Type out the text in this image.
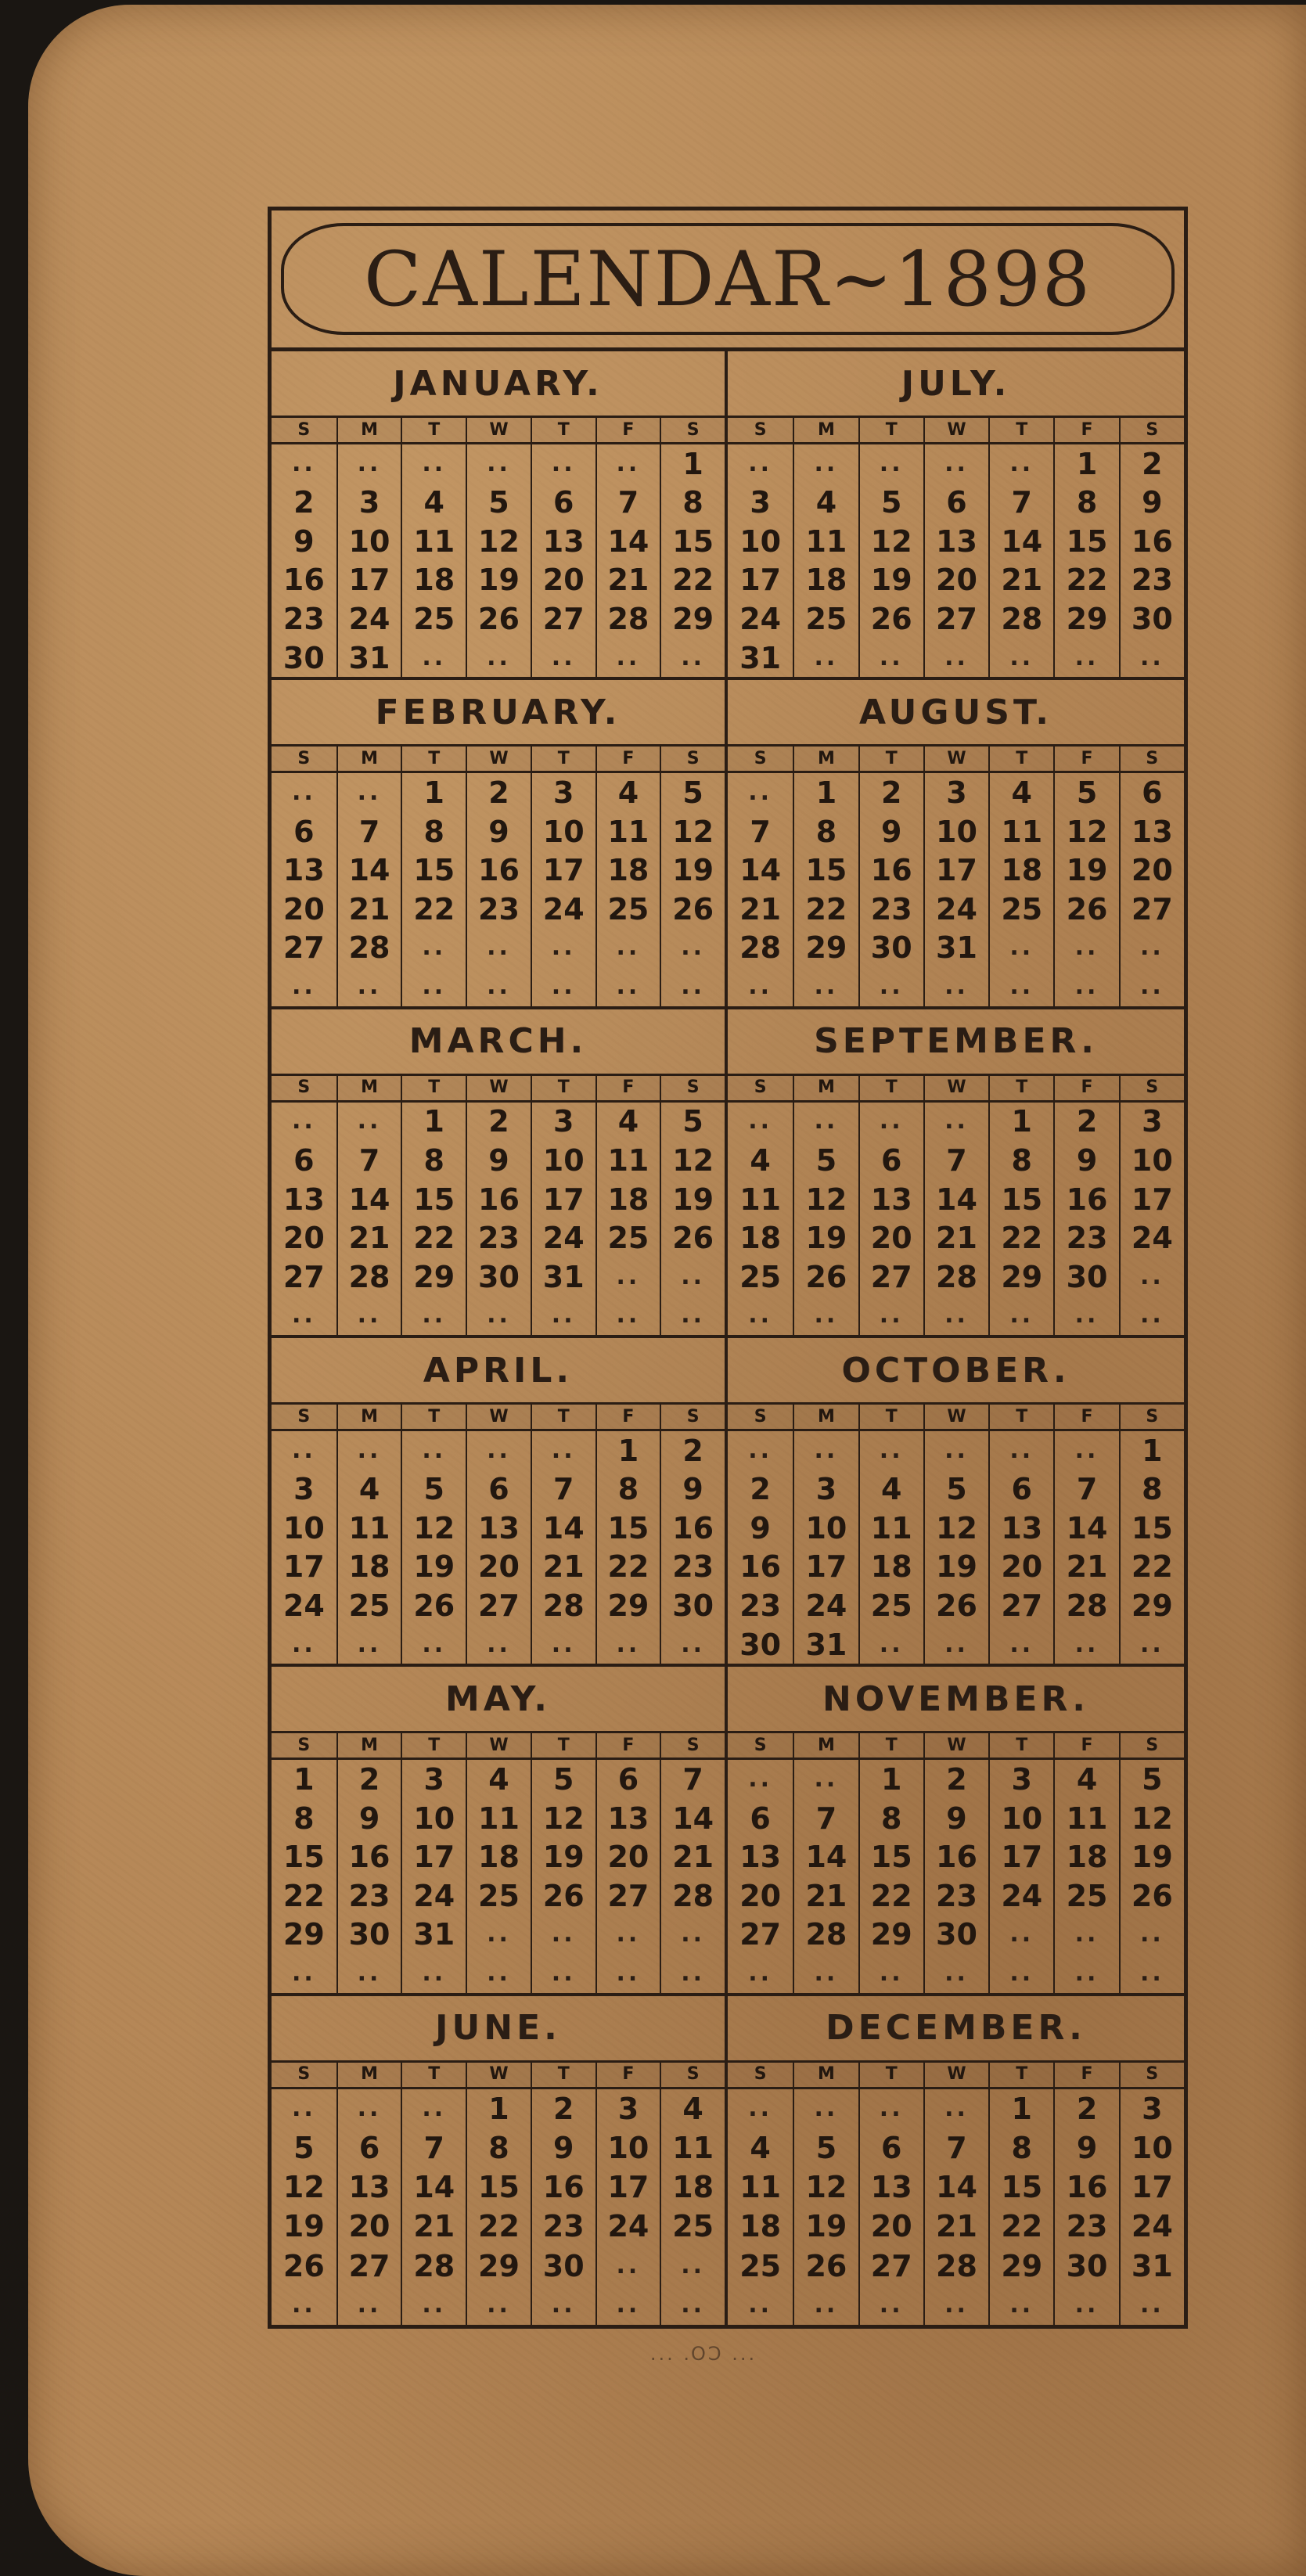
CALENDAR~1898
JANUARY.
S	M	T	W	T	F	S
..	..	..	..	..	..	1
2	3	4	5	6	7	8
9	10 11 12 13 14 15
16 17 18 19 20 21 22
23 24 25 26 27 28 29
30 31	..	..	..	..	..
JULY.
S	M	T	W	T	F	S
..	..	..	..	..	1	2
3	4	5	6	7	8	9
10 11 12 13 14 15 16
17 18 19 20 21 22 23
24 25 26 27 28 29 30
31	..	..	..	..	..	..
FEBRUARY.
S	M	T	W	T	F	S
..	..	1	2	3	4	5
6	7	8	9	10 11 12
13 14 15 16 17 18 19
20 21 22 23 24 25 26
27 28	..	..	..	..	..
..	..	..	..	..	..	..
AUGUST.
S	M	T	W	T	F	S
..	1	2	3	4	5	6
7	8	9	10 11 12 13
14 15 16 17 18 19 20
21 22 23 24 25 26 27
28 29 30 31	..	..	..
..	..	..	..	..	..	..
MARCH.
S	M	T	W	T	F	S
..	..	1	2	3	4	5
6	7	8	9	10 11 12
13 14 15 16 17 18 19
20 21 22 23 24 25 26
27 28 29 30 31	..	..
..	..	..	..	..	..	..
SEPTEMBER.
S	M	T	W	T	F	S
..	..	..	..	1	2	3
4	5	6	7	8	9	10
11 12 13 14 15 16 17
18 19 20 21 22 23 24
25 26 27 28 29 30	..
..	..	..	..	..	..	..
APRIL.
S	M	T	W	T	F	S
..	..	..	..	..	1	2
3	4	5	6	7	8	9
10 11 12 13 14 15 16
17 18 19 20 21 22 23
24 25 26 27 28 29 30
..	..	..	..	..	..	..
OCTOBER.
S	M	T	W	T	F	S
..	..	..	..	..	..	1
2	3	4	5	6	7	8
9	10 11 12 13 14 15
16 17 18 19 20 21 22
23 24 25 26 27 28 29
30 31	..	..	..	..	..
MAY.
S	M	T	W	T	F	S
1	2	3	4	5	6	7
8	9	10 11 12 13 14
15 16 17 18 19 20 21
22 23 24 25 26 27 28
29 30 31	..	..	..	..
..	..	..	..	..	..	..
NOVEMBER.
S	M	T	W	T	F	S
..	..	1	2	3	4	5
6	7	8	9	10 11 12
13 14 15 16 17 18 19
20 21 22 23 24 25 26
27 28 29 30	..	..	..
..	..	..	..	..	..	..
JUNE.
S	M	T	W	T	F	S
..	..	..	1	2	3	4
5	6	7	8	9	10 11
12 13 14 15 16 17 18
19 20 21 22 23 24 25
26 27 28 29 30	..	..
..	..	..	..	..	..	..
DECEMBER.
S	M	T	W	T	F	S
..	..	..	..	1	2	3
4	5	6	7	8	9	10
11 12 13 14 15 16 17
18 19 20 21 22 23 24
25 26 27 28 29 30 31
..	..	..	..	..	..	..
... CO. ...
